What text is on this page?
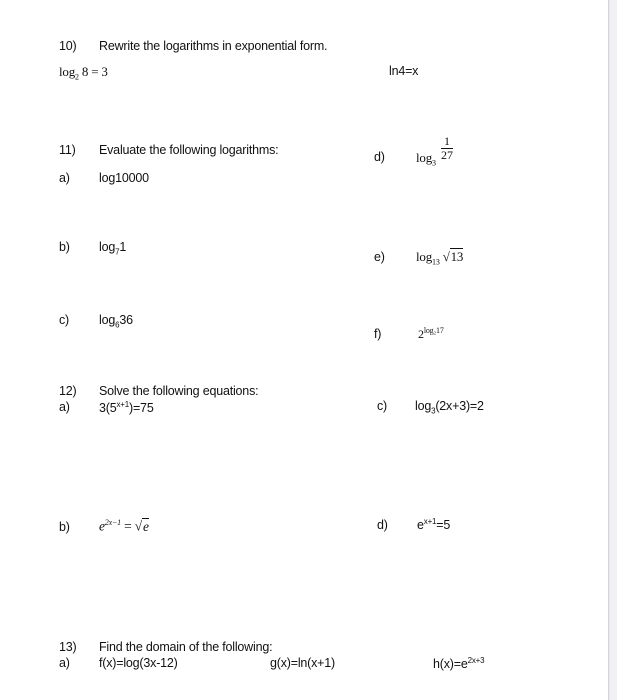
10) Rewrite the logarithms in exponential form.
$\log_2 8 = 3$	ln4=x
11) Evaluate the following logarithms:
a) log10000
d) $\log_3$
$\frac{1}{27}$
b) $\log_71$
e) $\log_{13} √13$
c) $\log_636$
f)	$2^{log_217}$
12) Solve the following equations:
a) $3(5^{x+1})=75$	c) $\log_3(2x+3)=2$
b) $e^{2x-1} = √e$	d) $e^{x+1}=5$
13) Find the domain of the following:
a) f(x)=log(3x-12)	g(x)=ln(x+1)	$h(x)=e^{2x+3}$
